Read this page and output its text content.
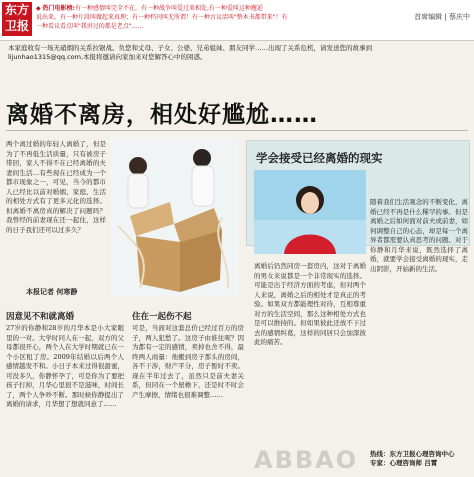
东方
卫报
◆ 热门电影榜:有一种感情叫完全不在，有一种战争叫爱过来相处,有一种爱叫这种邂逅
说出来，有一种片段叫做起来真理；有一种档刊叫无所谓！有一种古议活叫"整木书都带来"！有
一种看议看点叫"我讲过的都是老点"……
首席编辑 | 蔡庆中
本家庭收有一场无硝烟的关系拉锯战。负您和丈母、子女、公婆、兄弟姐妹、朋友同学……出现了关系危机，请发送您的故事到
lijunhao1315@qq.com,本报将邀请向家加来对您解答心中的困惑。
离婚不离房，相处好尴尬……
两个离过婚的年轻人离婚了，但是为了不再低生活质量，只有被房子带回，家人不得不在已经离婚的夫妻间生活…有些现在已经成为一个都市现象之一，可见，当今的都市人已经比以前对婚姻、家庭、生活的相处方式有了更多元化的选择。但离婚不离房真的解决了问题吗？我曾经的前妻现在还一起住，这样的日子我们还可以过多久？
本报记者 何寒静
学会接受已经离婚的现实
离婚后仍然同房一套房内，这对于离婚的男女来说都是一个非常现实的选择。可能是出于经济方面的考虑，但对两个人来说，离婚之后的相处才是真正的考验。如果双方都能理性对待，互相尊重对方的生活空间，那么这种相处方式也是可以维持的。但如果彼此还放不下过去的感情纠葛，这样的同居只会加深彼此的痛苦。
随着我们生活观念的不断变化，离婚已经不再是什么稀罕的事。但是离婚之后如何面对前夫或前妻，如何调整自己的心态，却是每一个离异者都需要认真思考的问题。对于你静和月华来说，既然选择了离婚，就要学会接受离婚的现实，走出阴影，开始新的生活。
热线：东方卫报心理咨询中心
专家：心理咨询师 吕霄
因意见不和就离婚
27岁的你静和28岁的月华本是小大家眼里的一对。大学时同人在一起，双方的父母都很开心，两个人在大学时期就已在一个小区租了房。2009年结婚以后两个人感情越发不和。小日子本来过得很甜蜜，可没多久，你静怀孕了，可是你为了要把孩子打掉，月华心里很不是滋味，时间长了，两个人争吵不断。那时候你静提出了离婚的请求，月华想了想就同意了……
住在一起伤不起
可是，当面对这套总价已经过百万的房子，两人犯愁了。这房子由谁住呢？因为都有一定的感情，卖掉也舍不得，最终两人商量：他搬到房子那头的房间，各不干涉，财产平分，房子暂时不卖。现在半年过去了，虽然只是前夫妻关系，但同在一个屋檐下，还是时不时会产生摩擦，情绪也很难调整……
ABBAO
